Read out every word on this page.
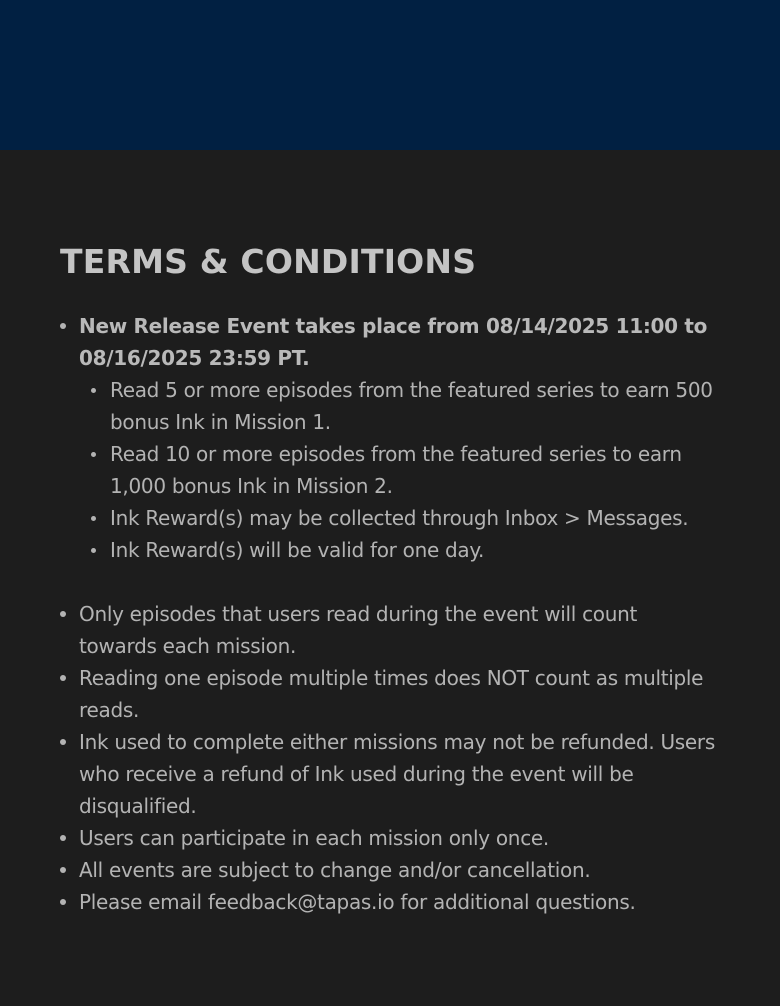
TERMS & CONDITIONS
New Release Event takes place from 08/14/2025 11:00 to 08/16/2025 23:59 PT.
Read 5 or more episodes from the featured series to earn 500 bonus Ink in Mission 1.
Read 10 or more episodes from the featured series to earn 1,000 bonus Ink in Mission 2.
Ink Reward(s) may be collected through Inbox > Messages.
Ink Reward(s) will be valid for one day.
Only episodes that users read during the event will count towards each mission.
Reading one episode multiple times does NOT count as multiple reads.
Ink used to complete either missions may not be refunded. Users who receive a refund of Ink used during the event will be disqualified.
Users can participate in each mission only once.
All events are subject to change and/or cancellation.
Please email feedback@tapas.io for additional questions.
